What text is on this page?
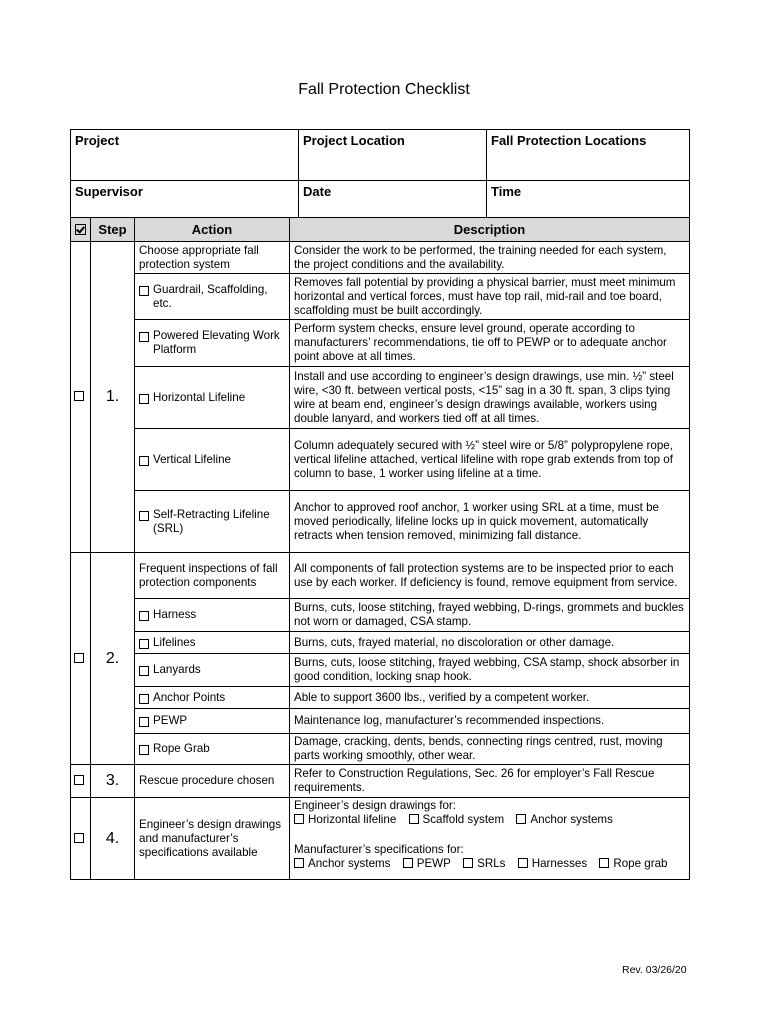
Fall Protection Checklist
Project	Project Location	Fall Protection Locations
Supervisor	Date	Time
	Step	Action	Description
	1.	Choose appropriate fall protection system	Consider the work to be performed, the training needed for each system, the project conditions and the availability.

		Guardrail, Scaffolding, etc.	Removes fall potential by providing a physical barrier, must meet minimum horizontal and vertical forces, must have top rail, mid-rail and toe board, scaffolding must be built accordingly.

		Powered Elevating Work Platform	Perform system checks, ensure level ground, operate according to manufacturers’ recommendations, tie off to PEWP or to adequate anchor point above at all times.

		Horizontal Lifeline	Install and use according to engineer’s design drawings, use min. ½” steel wire, <30 ft. between vertical posts, <15” sag in a 30 ft. span, 3 clips tying wire at beam end, engineer’s design drawings available, workers using double lanyard, and workers tied off at all times.

		Vertical Lifeline	Column adequately secured with ½” steel wire or 5/8” polypropylene rope, vertical lifeline attached, vertical lifeline with rope grab extends from top of column to base, 1 worker using lifeline at a time.

		Self-Retracting Lifeline (SRL)	Anchor to approved roof anchor, 1 worker using SRL at a time, must be moved periodically, lifeline locks up in quick movement, automatically retracts when tension removed, minimizing fall distance.
	2.	Frequent inspections of fall protection components	All components of fall protection systems are to be inspected prior to each use by each worker. If deficiency is found, remove equipment from service.

		Harness	Burns, cuts, loose stitching, frayed webbing, D-rings, grommets and buckles not worn or damaged, CSA stamp.

		Lifelines	Burns, cuts, frayed material, no discoloration or other damage.

		Lanyards	Burns, cuts, loose stitching, frayed webbing, CSA stamp, shock absorber in good condition, locking snap hook.

		Anchor Points	Able to support 3600 lbs., verified by a competent worker.

		PEWP	Maintenance log, manufacturer’s recommended inspections.

		Rope Grab	Damage, cracking, dents, bends, connecting rings centred, rust, moving parts working smoothly, other wear.
	3.	Rescue procedure chosen	Refer to Construction Regulations, Sec. 26 for employer’s Fall Rescue requirements.
	4.	Engineer’s design drawings and manufacturer’s specifications available	Engineer’s design drawings for:
Horizontal lifeline Scaffold system Anchor systems
Manufacturer’s specifications for:
Anchor systems PEWP SRLs Harnesses Rope grab
Rev. 03/26/20
